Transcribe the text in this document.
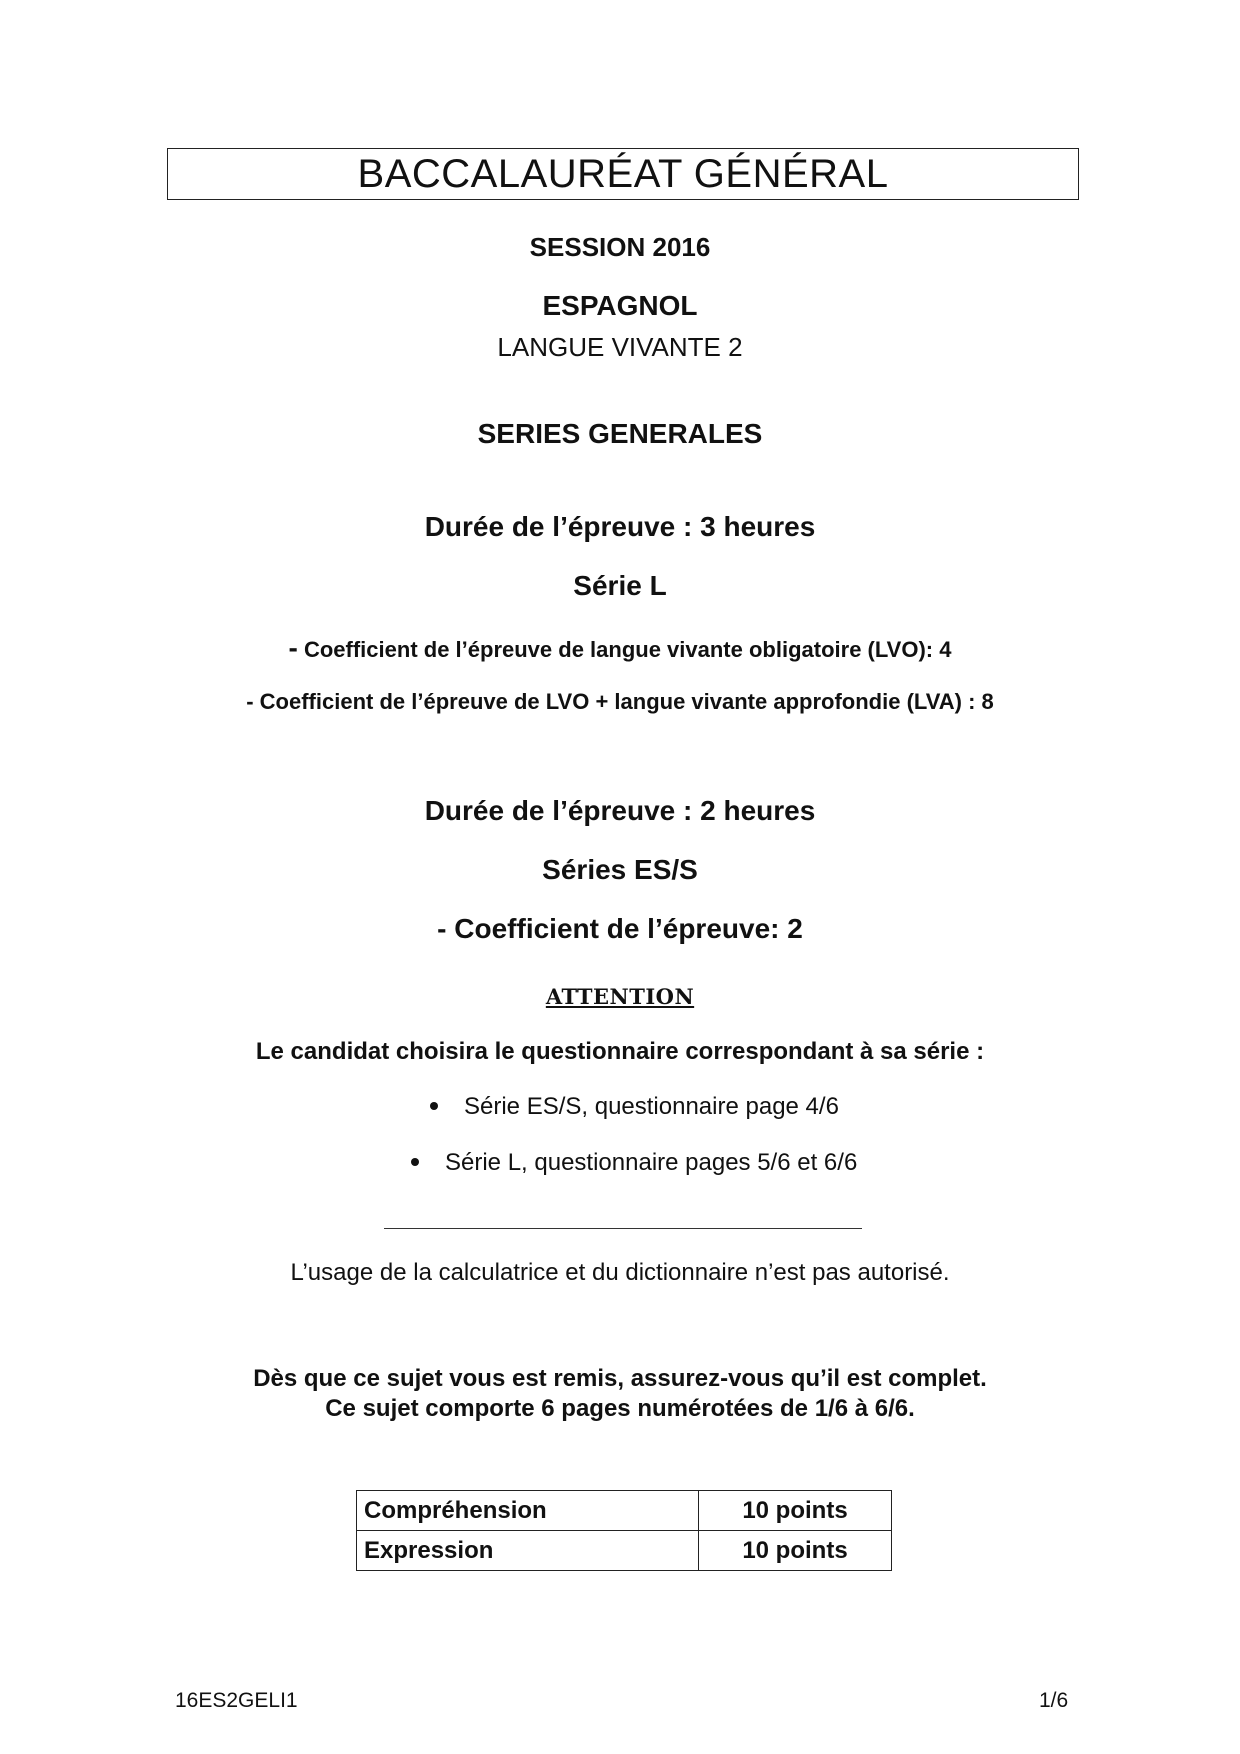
BACCALAURÉAT GÉNÉRAL
SESSION 2016
ESPAGNOL
LANGUE VIVANTE 2
SERIES GENERALES
Durée de l’épreuve : 3 heures
Série L
- Coefficient de l’épreuve de langue vivante obligatoire (LVO): 4
- Coefficient de l’épreuve de LVO + langue vivante approfondie (LVA) : 8
Durée de l’épreuve : 2 heures
Séries ES/S
- Coefficient de l’épreuve: 2
ATTENTION
Le candidat choisira le questionnaire correspondant à sa série :
Série ES/S, questionnaire page 4/6
Série L, questionnaire pages 5/6 et 6/6
L’usage de la calculatrice et du dictionnaire n’est pas autorisé.
Dès que ce sujet vous est remis, assurez-vous qu’il est complet.
Ce sujet comporte 6 pages numérotées de 1/6 à 6/6.
Compréhension	10 points
Expression	10 points
16ES2GELI1	1/6
